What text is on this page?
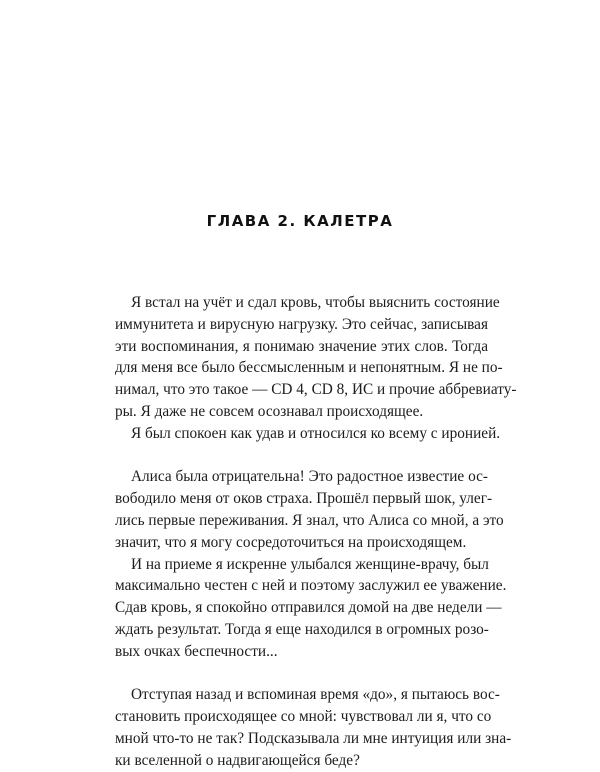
ГЛАВА 2. КАЛЕТРА
Я встал на учёт и сдал кровь, чтобы выяснить состояние
иммунитета и вирусную нагрузку. Это сейчас, записывая
эти воспоминания, я понимаю значение этих слов. Тогда
для меня все было бессмысленным и непонятным. Я не по-
нимал, что это такое — CD 4, CD 8, ИС и прочие аббревиату-
ры. Я даже не совсем осознавал происходящее.
Я был спокоен как удав и относился ко всему с иронией.
Алиса была отрицательна! Это радостное известие ос-
вободило меня от оков страха. Прошёл первый шок, улег-
лись первые переживания. Я знал, что Алиса со мной, а это
значит, что я могу сосредоточиться на происходящем.
И на приеме я искренне улыбался женщине-врачу, был
максимально честен с ней и поэтому заслужил ее уважение.
Сдав кровь, я спокойно отправился домой на две недели —
ждать результат. Тогда я еще находился в огромных розо-
вых очках беспечности...
Отступая назад и вспоминая время «до», я пытаюсь вос-
становить происходящее со мной: чувствовал ли я, что со
мной что-то не так? Подсказывала ли мне интуиция или зна-
ки вселенной о надвигающейся беде?
